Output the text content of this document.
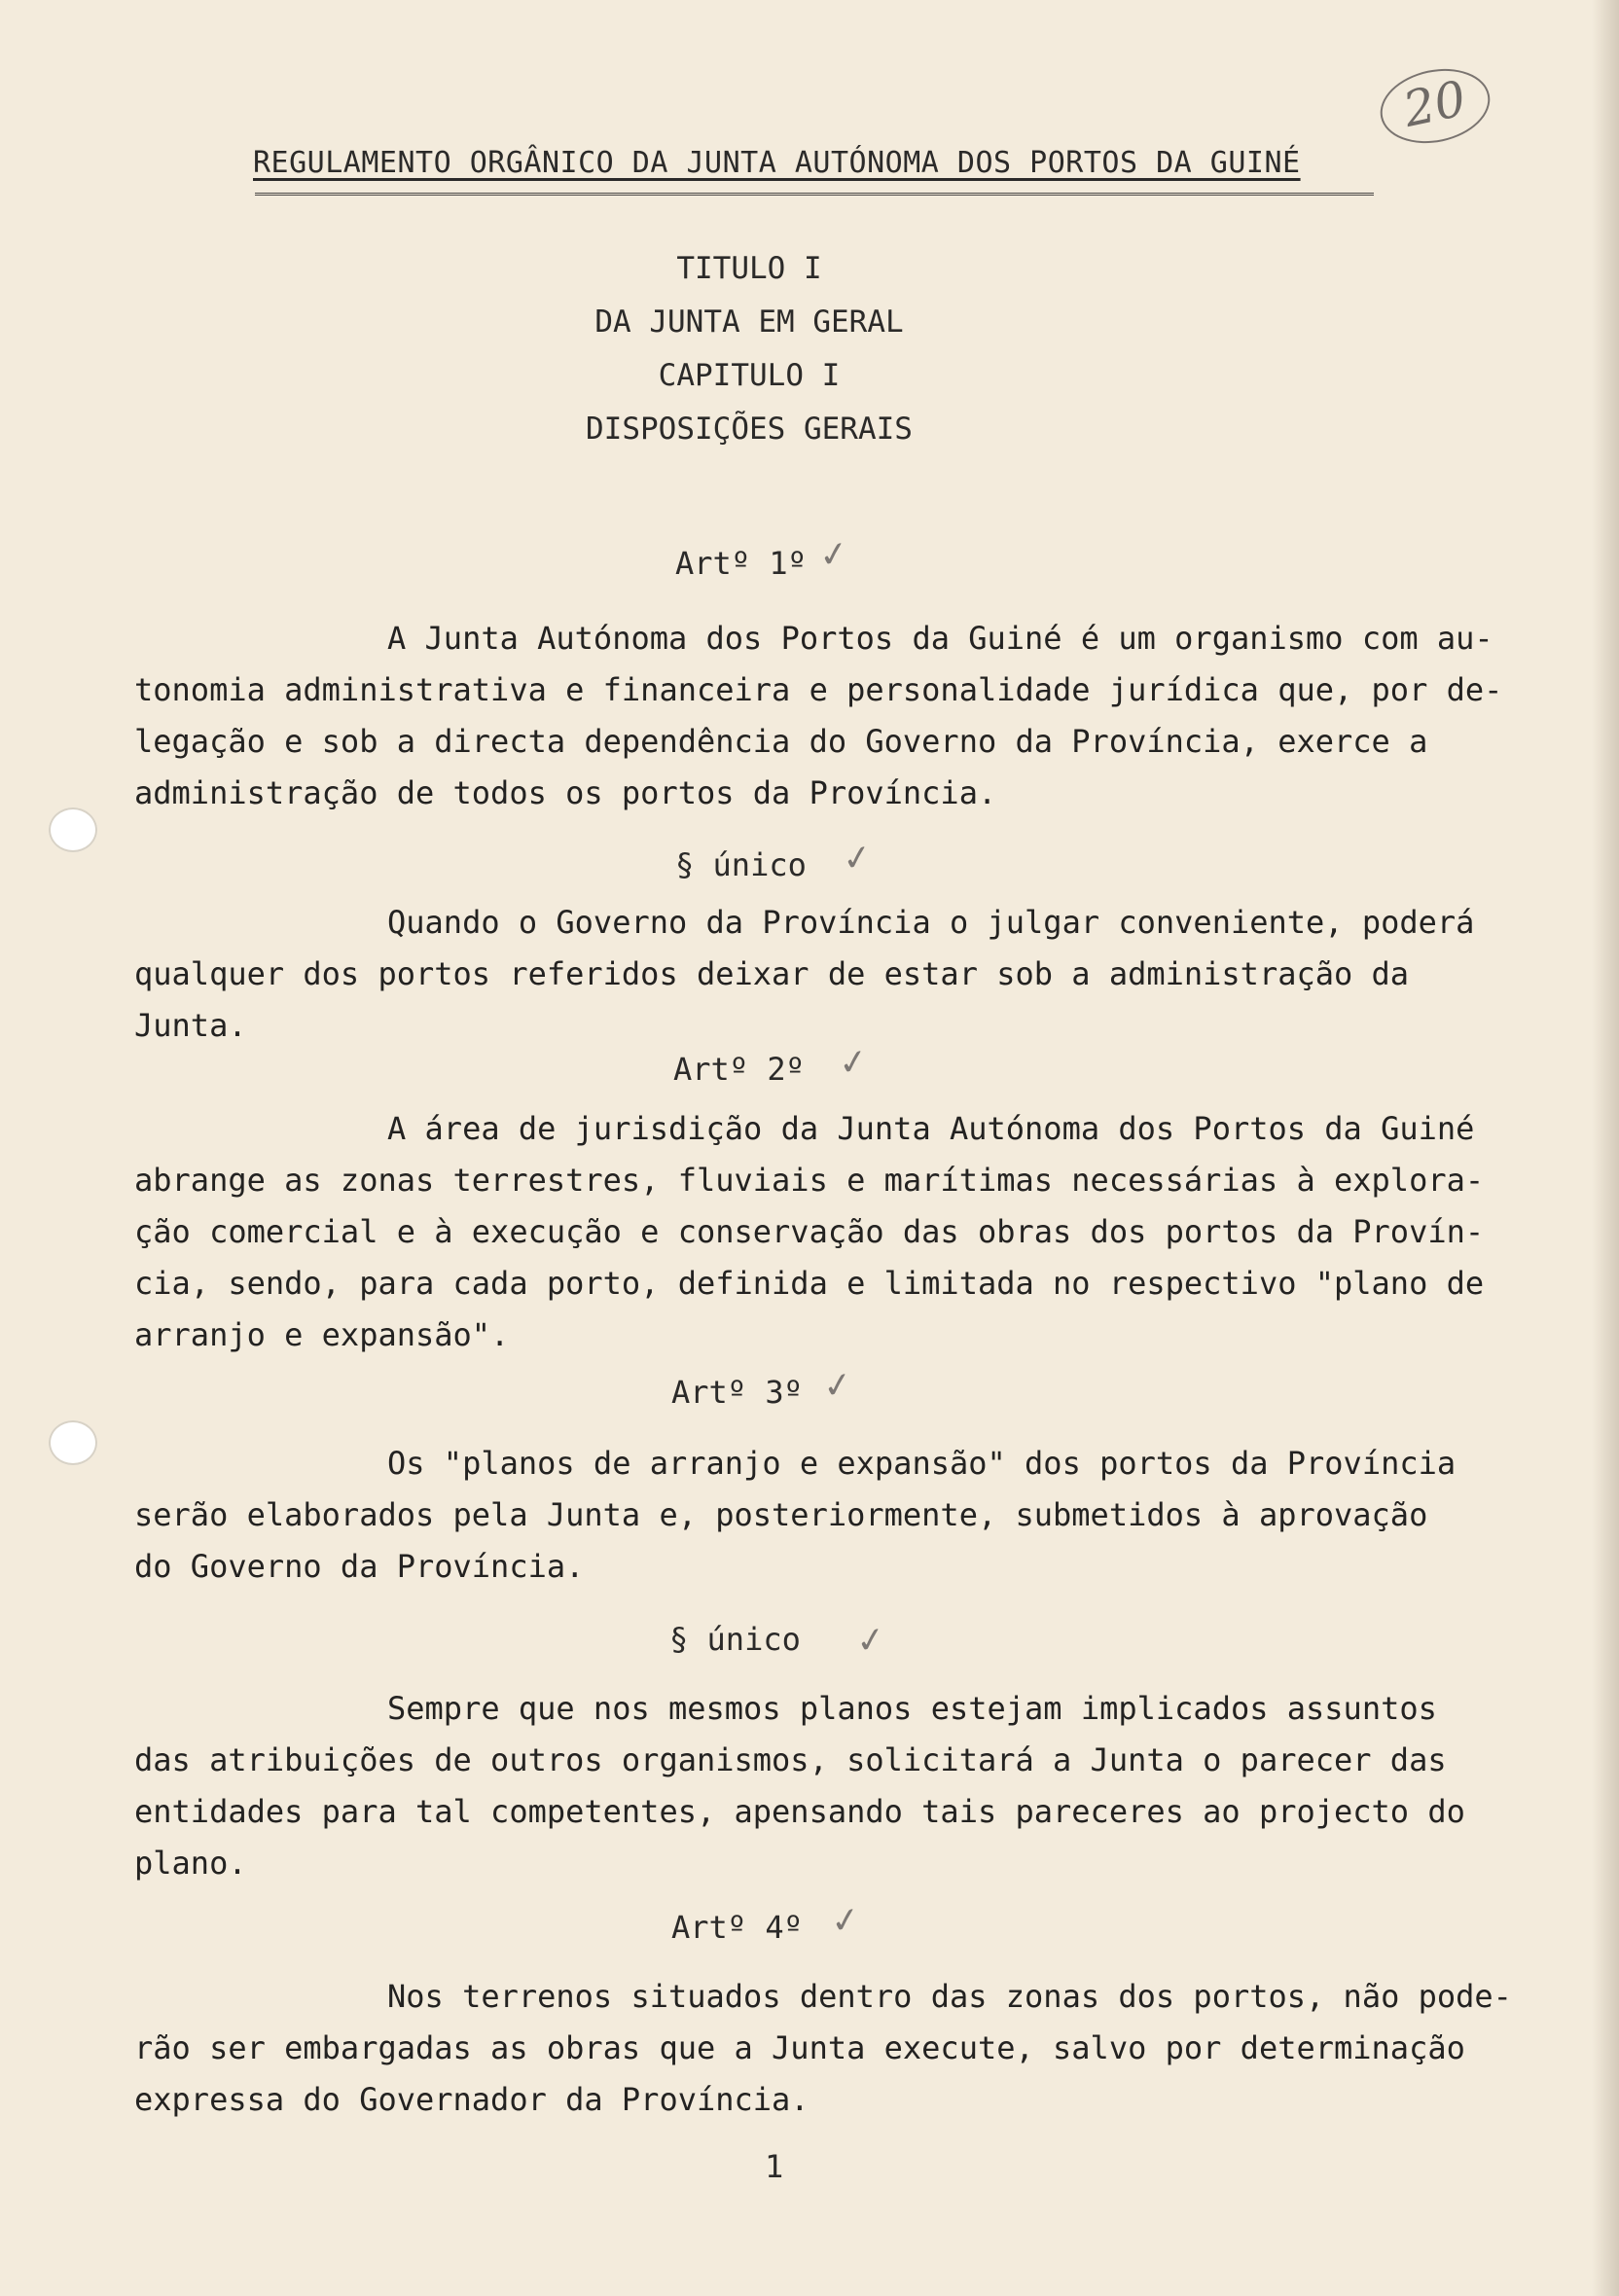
20
REGULAMENTO ORGÂNICO DA JUNTA AUTÓNOMA DOS PORTOS DA GUINÉ
TITULO I
DA JUNTA EM GERAL
CAPITULO I
DISPOSIÇÕES GERAIS
Artº 1º ✓

A Junta Autónoma dos Portos da Guiné é um organismo com au-

tonomia administrativa e financeira e personalidade jurídica que, por de-

legação e sob a directa dependência do Governo da Província, exerce a

administração de todos os portos da Província.

§ único ✓

Quando o Governo da Província o julgar conveniente, poderá

qualquer dos portos referidos deixar de estar sob a administração da

Junta.

Artº 2º ✓

A área de jurisdição da Junta Autónoma dos Portos da Guiné

abrange as zonas terrestres, fluviais e marítimas necessárias à explora-

ção comercial e à execução e conservação das obras dos portos da Provín-

cia, sendo, para cada porto, definida e limitada no respectivo "plano de

arranjo e expansão".

Artº 3º ✓

Os "planos de arranjo e expansão" dos portos da Província

serão elaborados pela Junta e, posteriormente, submetidos à aprovação

do Governo da Província.

§ único ✓

Sempre que nos mesmos planos estejam implicados assuntos

das atribuições de outros organismos, solicitará a Junta o parecer das

entidades para tal competentes, apensando tais pareceres ao projecto do

plano.

Artº 4º ✓

Nos terrenos situados dentro das zonas dos portos, não pode-

rão ser embargadas as obras que a Junta execute, salvo por determinação

expressa do Governador da Província.

1
